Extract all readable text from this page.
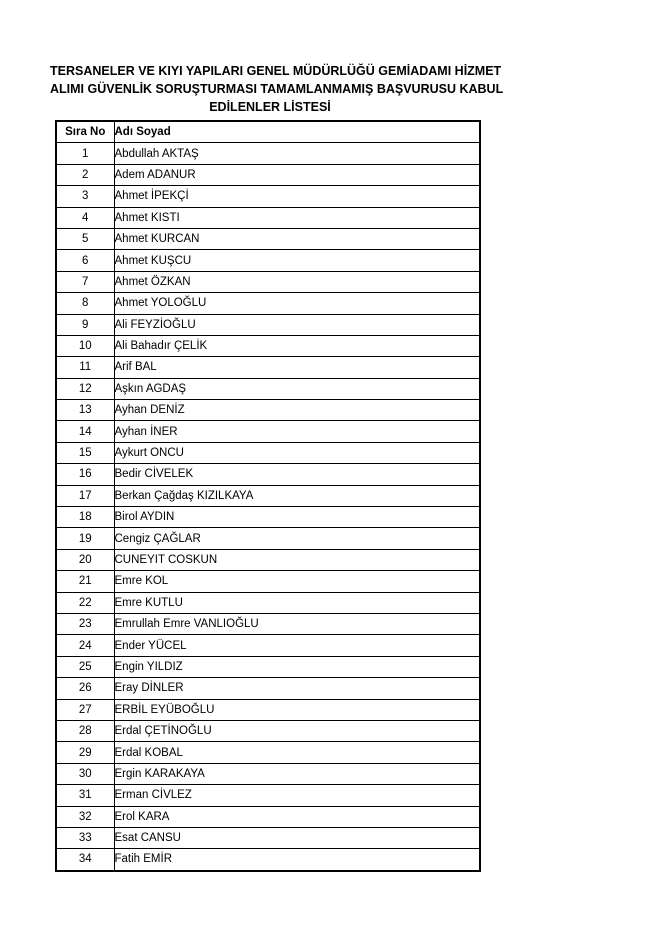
TERSANELER VE KIYI YAPILARI GENEL MÜDÜRLÜĞÜ GEMİADAMI HİZMET
ALIMI GÜVENLİK SORUŞTURMASI TAMAMLANMAMIŞ BAŞVURUSU KABUL
EDİLENLER LİSTESİ
Sıra No	Adı Soyad
1	Abdullah AKTAŞ
2	Adem ADANUR
3	Ahmet İPEKÇİ
4	Ahmet KISTI
5	Ahmet KURCAN
6	Ahmet KUŞCU
7	Ahmet ÖZKAN
8	Ahmet YOLOĞLU
9	Ali FEYZİOĞLU
10	Ali Bahadır ÇELİK
11	Arif BAL
12	Aşkın AGDAŞ
13	Ayhan DENİZ
14	Ayhan İNER
15	Aykurt ONCU
16	Bedir CİVELEK
17	Berkan Çağdaş KIZILKAYA
18	Birol AYDIN
19	Cengiz ÇAĞLAR
20	CUNEYIT COSKUN
21	Emre KOL
22	Emre KUTLU
23	Emrullah Emre VANLIOĞLU
24	Ender YÜCEL
25	Engin YILDIZ
26	Eray DİNLER
27	ERBİL EYÜBOĞLU
28	Erdal ÇETİNOĞLU
29	Erdal KOBAL
30	Ergin KARAKAYA
31	Erman CİVLEZ
32	Erol KARA
33	Esat CANSU
34	Fatih EMİR
